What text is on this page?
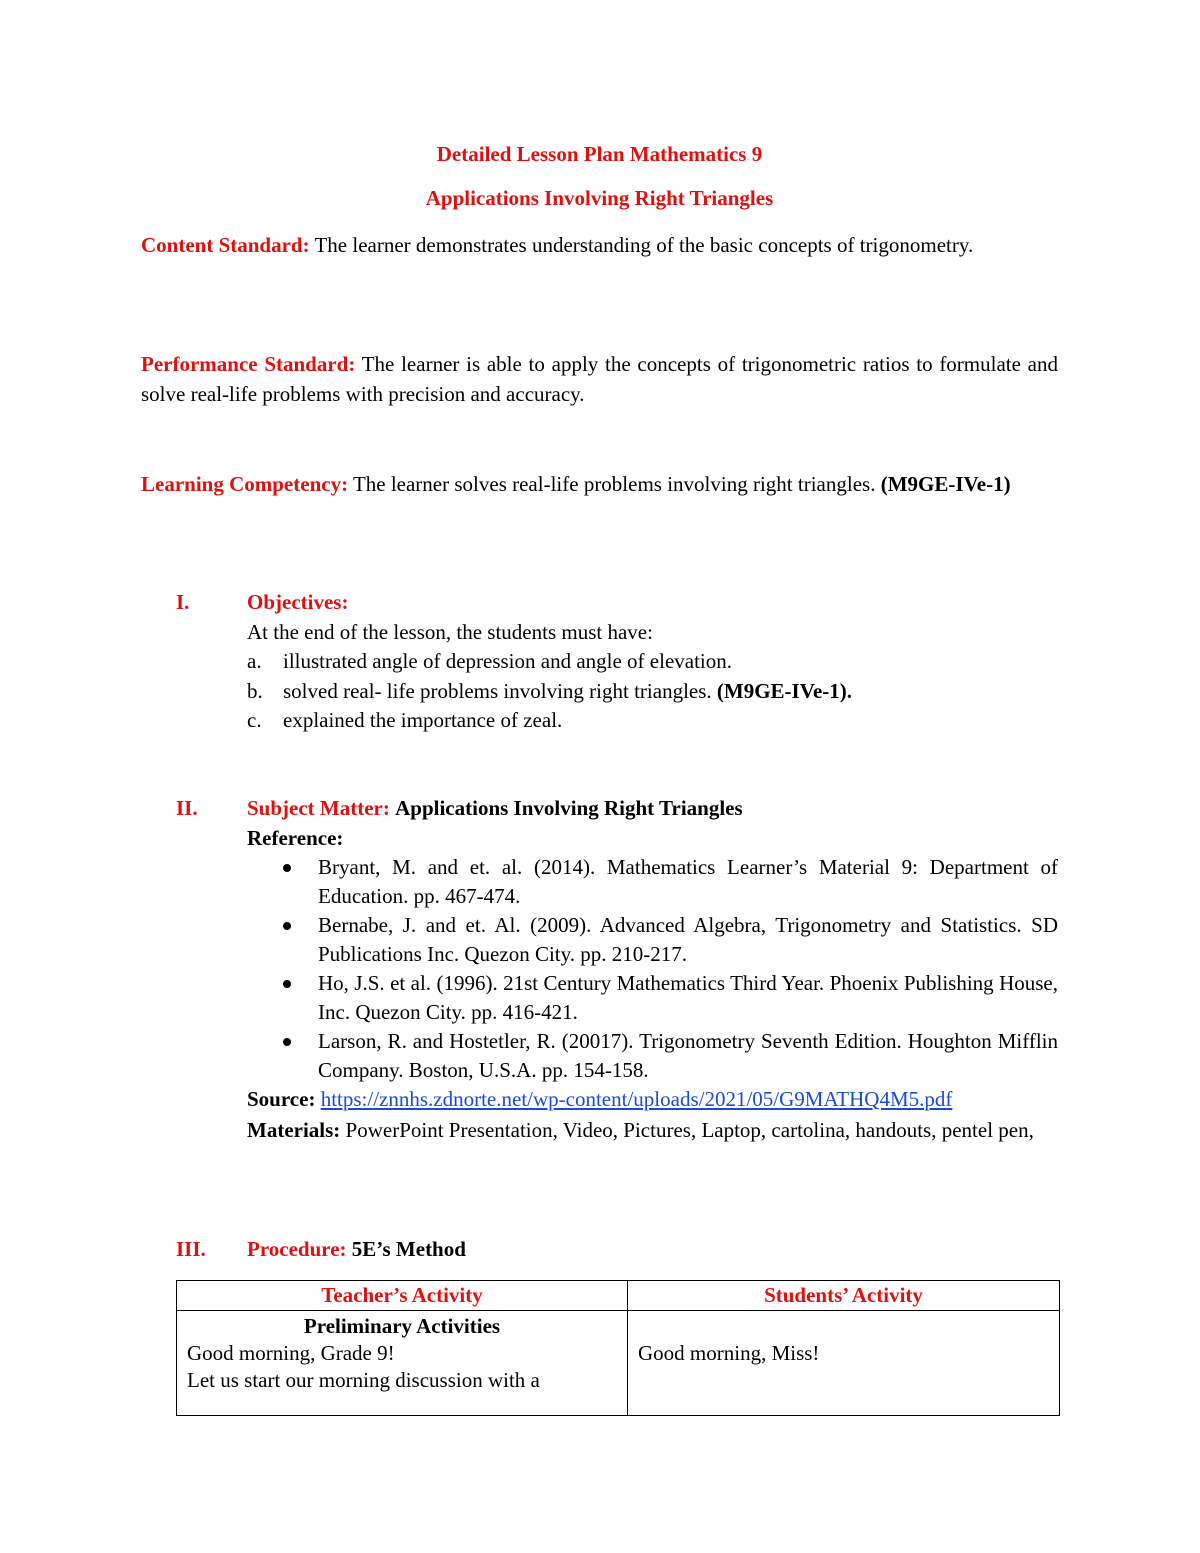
Detailed Lesson Plan Mathematics 9
Applications Involving Right Triangles
Content Standard: The learner demonstrates understanding of the basic concepts of trigonometry.
Performance Standard: The learner is able to apply the concepts of trigonometric ratios to formulate and solve real-life problems with precision and accuracy.
Learning Competency: The learner solves real-life problems involving right triangles. (M9GE-IVe-1)
I.	Objectives:
At the end of the lesson, the students must have:
a. illustrated angle of depression and angle of elevation.
b. solved real- life problems involving right triangles. (M9GE-IVe-1).
c. explained the importance of zeal.
II. Subject Matter: Applications Involving Right Triangles
Reference:
Bryant, M. and et. al. (2014). Mathematics Learner’s Material 9: Department of Education. pp. 467-474.
Bernabe, J. and et. Al. (2009). Advanced Algebra, Trigonometry and Statistics. SD Publications Inc. Quezon City. pp. 210-217.
Ho, J.S. et al. (1996). 21st Century Mathematics Third Year. Phoenix Publishing House, Inc. Quezon City. pp. 416-421.
Larson, R. and Hostetler, R. (20017). Trigonometry Seventh Edition. Houghton Mifflin Company. Boston, U.S.A. pp. 154-158.
Source: https://znnhs.zdnorte.net/wp-content/uploads/2021/05/G9MATHQ4M5.pdf
Materials: PowerPoint Presentation, Video, Pictures, Laptop, cartolina, handouts, pentel pen,
III. Procedure: 5E’s Method
Teacher’s Activity	Students’ Activity

Preliminary Activities
Good morning, Grade 9!
Let us start our morning discussion with a	Good morning, Miss!
